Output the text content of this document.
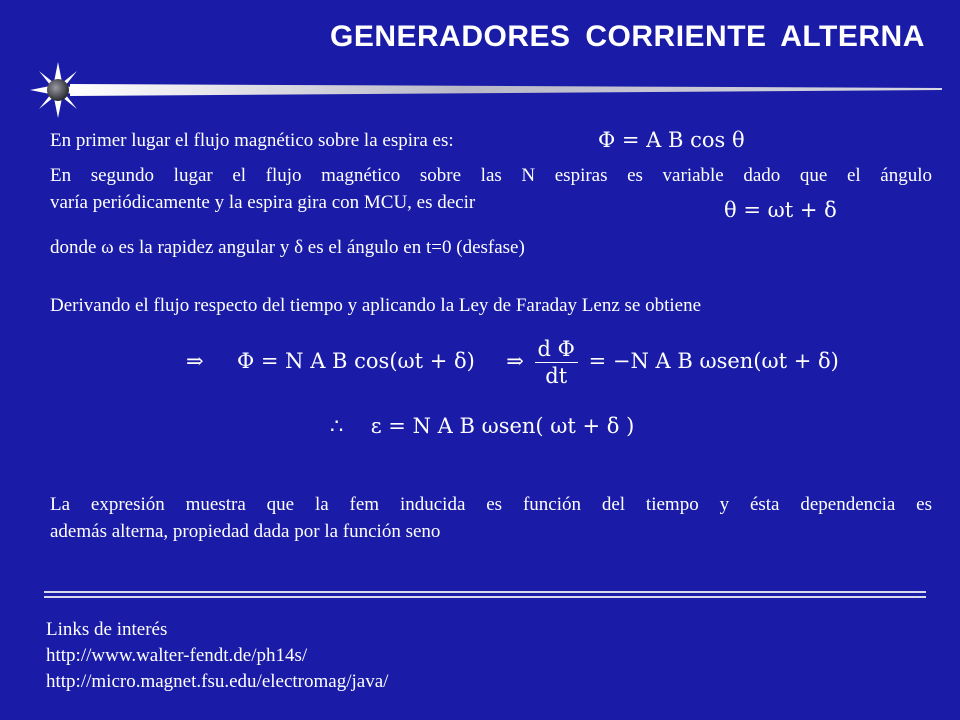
GENERADORES CORRIENTE ALTERNA
En primer lugar el flujo magnético sobre la espira es:	Φ = A B cos θ
En segundo lugar el flujo magnético sobre las N espiras es variable dado que el ángulo
varía periódicamente y la espira gira con MCU, es decir	θ = ωt + δ
donde ω es la rapidez angular y δ es el ángulo en t=0 (desfase)
Derivando el flujo respecto del tiempo y aplicando la Ley de Faraday Lenz se obtiene
⇒ Φ = N A B cos(ωt + δ) ⇒ $\frac{\text{d Φ}}{dt} = -N$ A B ωsen(ωt + δ)
∴ ε = N A B ωsen( ωt + δ )
La expresión muestra que la fem inducida es función del tiempo y ésta dependencia es
además alterna, propiedad dada por la función seno
Links de interés
http://www.walter-fendt.de/ph14s/
http://micro.magnet.fsu.edu/electromag/java/
